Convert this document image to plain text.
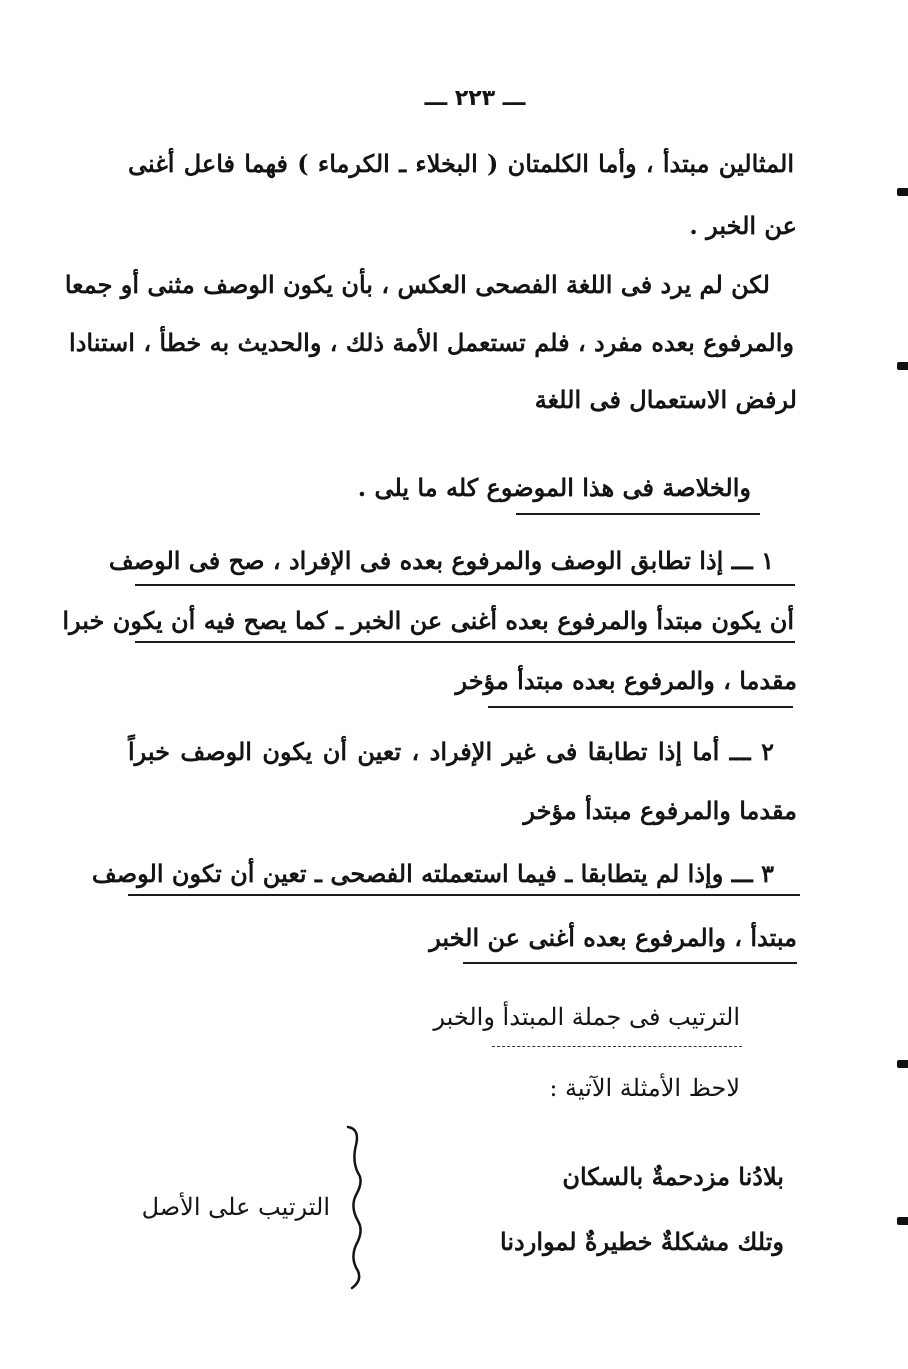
ـــ ٢٢٣ ـــ
المثالين مبتدأ ، وأما الكلمتان ( البخلاء ـ الكرماء ) فهما فاعل أغنى
عن الخبر .
لكن لم يرد فى اللغة الفصحى العكس ، بأن يكون الوصف مثنى أو جمعا
والمرفوع بعده مفرد ، فلم تستعمل الأمة ذلك ، والحديث به خطأ ، استنادا
لرفض الاستعمال فى اللغة
والخلاصة فى هذا الموضوع كله ما يلى .
١ ـــ إذا تطابق الوصف والمرفوع بعده فى الإفراد ، صح فى الوصف
أن يكون مبتدأ والمرفوع بعده أغنى عن الخبر ـ كما يصح فيه أن يكون خبرا
مقدما ، والمرفوع بعده مبتدأ مؤخر
٢ ـــ أما إذا تطابقا فى غير الإفراد ، تعين أن يكون الوصف خبراً
مقدما والمرفوع مبتدأ مؤخر
٣ ـــ وإذا لم يتطابقا ـ فيما استعملته الفصحى ـ تعين أن تكون الوصف
مبتدأ ، والمرفوع بعده أغنى عن الخبر
الترتيب فى جملة المبتدأ والخبر
لاحظ الأمثلة الآتية :
بلادُنا مزدحمةٌ بالسكان
وتلك مشكلةٌ خطيرةٌ لمواردنا
الترتيب على الأصل
